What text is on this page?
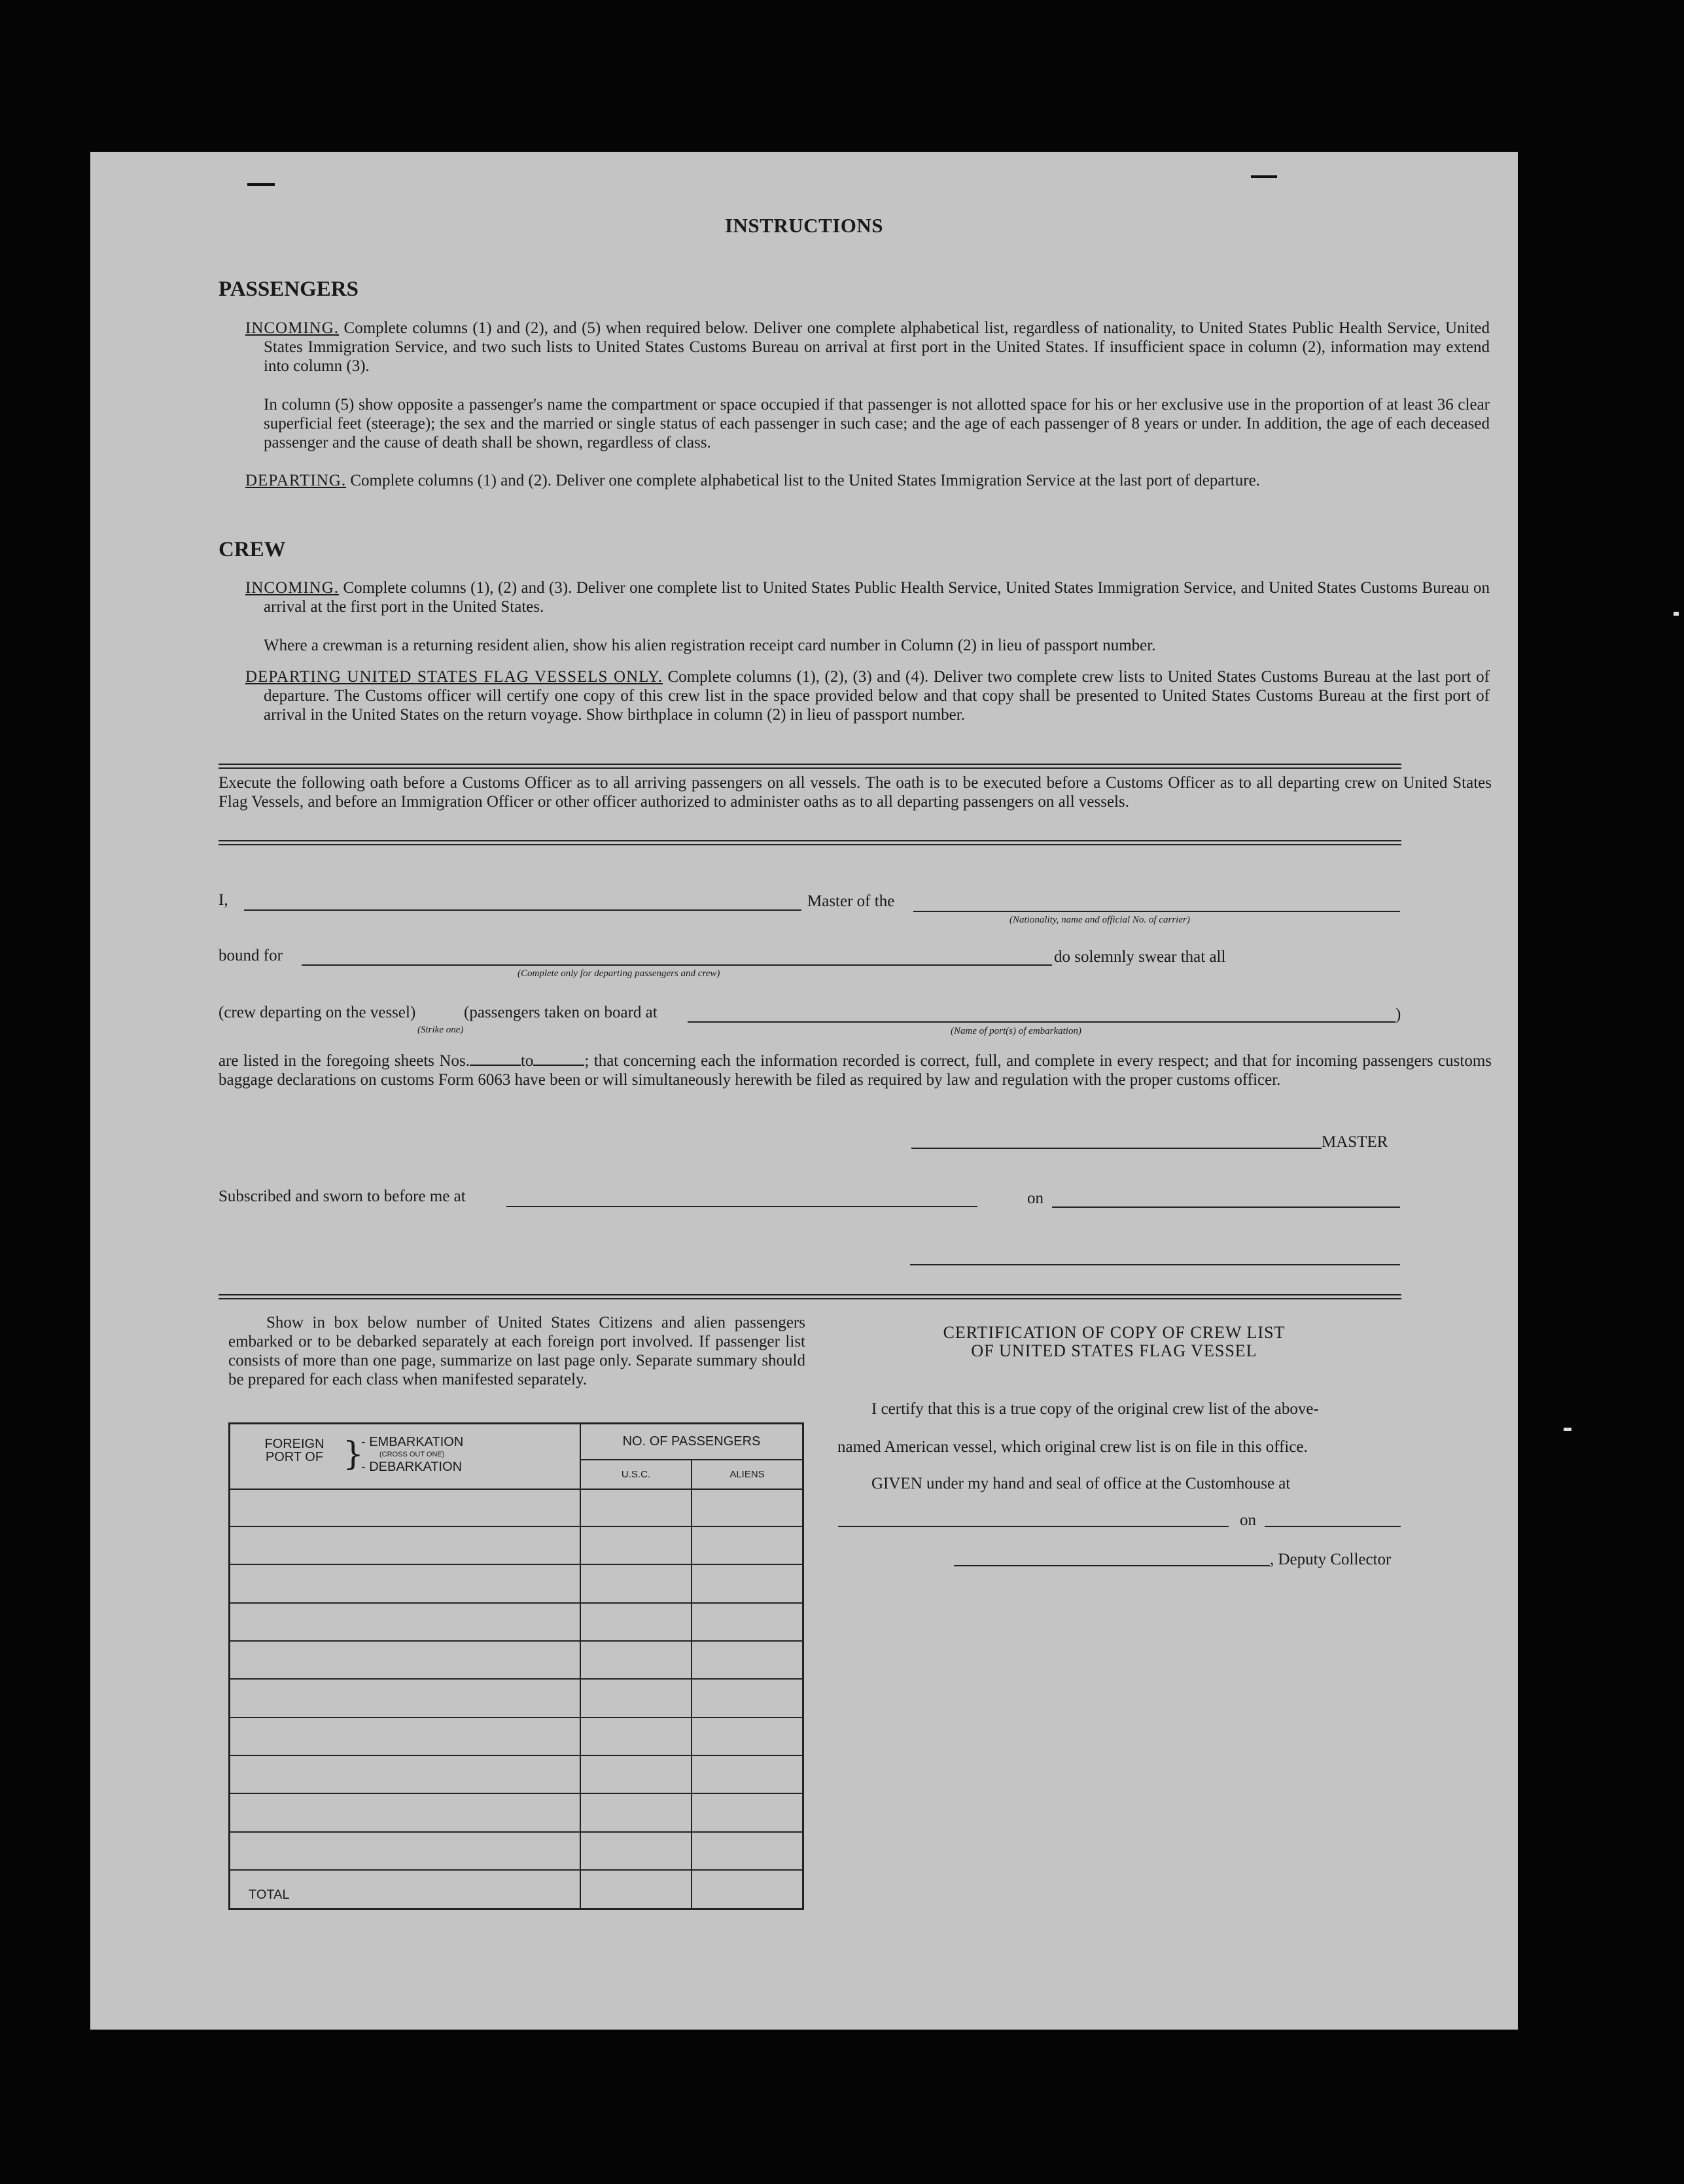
INSTRUCTIONS
PASSENGERS
INCOMING. Complete columns (1) and (2), and (5) when required below. Deliver one complete alphabetical list, regardless of nationality, to United States Public Health Service, United States Immigration Service, and two such lists to United States Customs Bureau on arrival at first port in the United States. If insufficient space in column (2), information may extend into column (3).
In column (5) show opposite a passenger's name the compartment or space occupied if that passenger is not allotted space for his or her exclusive use in the proportion of at least 36 clear superficial feet (steerage); the sex and the married or single status of each passenger in such case; and the age of each passenger of 8 years or under. In addition, the age of each deceased passenger and the cause of death shall be shown, regardless of class.
DEPARTING. Complete columns (1) and (2). Deliver one complete alphabetical list to the United States Immigration Service at the last port of departure.
CREW
INCOMING. Complete columns (1), (2) and (3). Deliver one complete list to United States Public Health Service, United States Immigration Service, and United States Customs Bureau on arrival at the first port in the United States.
Where a crewman is a returning resident alien, show his alien registration receipt card number in Column (2) in lieu of passport number.
DEPARTING UNITED STATES FLAG VESSELS ONLY. Complete columns (1), (2), (3) and (4). Deliver two complete crew lists to United States Customs Bureau at the last port of departure. The Customs officer will certify one copy of this crew list in the space provided below and that copy shall be presented to United States Customs Bureau at the first port of arrival in the United States on the return voyage. Show birthplace in column (2) in lieu of passport number.
Execute the following oath before a Customs Officer as to all arriving passengers on all vessels. The oath is to be executed before a Customs Officer as to all departing crew on United States Flag Vessels, and before an Immigration Officer or other officer authorized to administer oaths as to all departing passengers on all vessels.
I,	Master of the
(Nationality, name and official No. of carrier)
bound for	do solemnly swear that all
(Complete only for departing passengers and crew)
(crew departing on the vessel)	(passengers taken on board at	)
(Strike one)	(Name of port(s) of embarkation)
are listed in the foregoing sheets Nos.	to	; that concerning each the information recorded is correct, full, and complete in every respect; and that for incoming passengers customs baggage declarations on customs Form 6063 have been or will simultaneously herewith be filed as required by law and regulation with the proper customs officer.
MASTER
Subscribed and sworn to before me at	on
Show in box below number of United States Citizens and alien passengers embarked or to be debarked separately at each foreign port involved. If passenger list consists of more than one page, summarize on last page only. Separate summary should be prepared for each class when manifested separately.
FOREIGN PORT OF }
- EMBARKATION
(CROSS OUT ONE)
- DEBARKATION	NO. OF PASSENGERS	
	U.S.C.	ALIENS

TOTAL		
CERTIFICATION OF COPY OF CREW LIST
OF UNITED STATES FLAG VESSEL
I certify that this is a true copy of the original crew list of the above-
named American vessel, which original crew list is on file in this office.
GIVEN under my hand and seal of office at the Customhouse at
on
, Deputy Collector
